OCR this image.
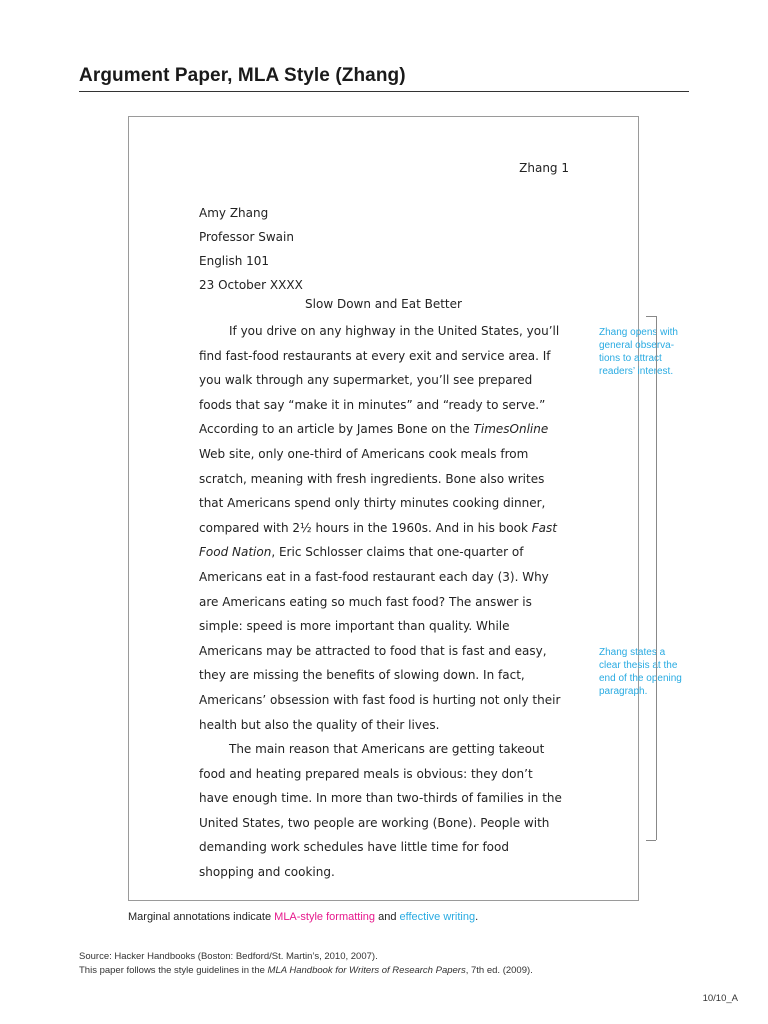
Argument Paper, MLA Style (Zhang)
Zhang 1
Amy Zhang
Professor Swain
English 101
23 October XXXX
Slow Down and Eat Better

If you drive on any highway in the United States, you’ll find fast-food restaurants at every exit and service area. If you walk through any supermarket, you’ll see prepared foods that say “make it in minutes” and “ready to serve.” According to an article by James Bone on the TimesOnline Web site, only one-third of Americans cook meals from scratch, meaning with fresh ingredients. Bone also writes that Americans spend only thirty minutes cooking dinner, compared with 2½ hours in the 1960s. And in his book Fast Food Nation, Eric Schlosser claims that one-quarter of Americans eat in a fast-food restaurant each day (3). Why are Americans eating so much fast food? The answer is simple: speed is more important than quality. While Americans may be attracted to food that is fast and easy, they are missing the benefits of slowing down. In fact, Americans’ obsession with fast food is hurting not only their health but also the quality of their lives.

The main reason that Americans are getting takeout food and heating prepared meals is obvious: they don’t have enough time. In more than two-thirds of families in the United States, two people are working (Bone). People with demanding work schedules have little time for food shopping and cooking.

Zhang opens with general observa-tions to attract readers’ interest.
Zhang states a clear thesis at the end of the opening paragraph.
Marginal annotations indicate MLA-style formatting and effective writing.
Source: Hacker Handbooks (Boston: Bedford/St. Martin’s, 2010, 2007).
This paper follows the style guidelines in the MLA Handbook for Writers of Research Papers, 7th ed. (2009).
10/10_A
